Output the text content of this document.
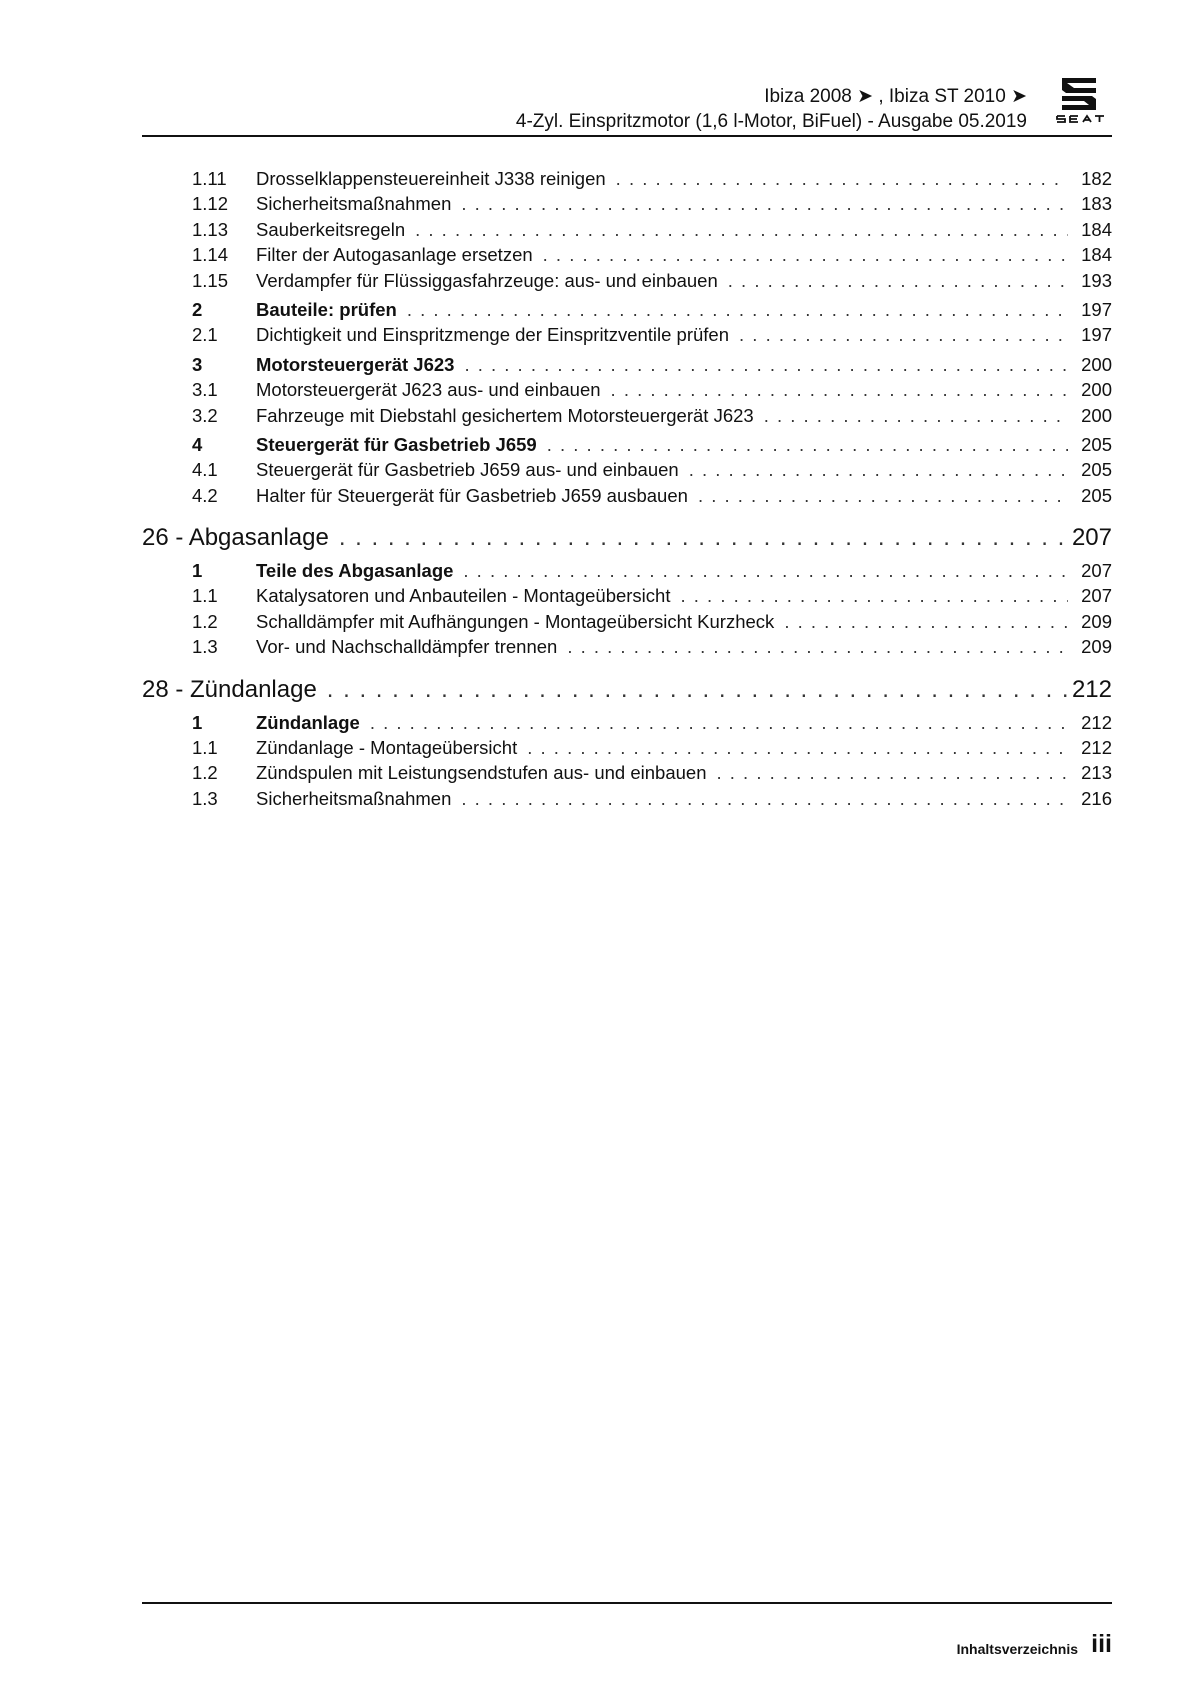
Ibiza 2008 ➤ , Ibiza ST 2010 ➤
4-Zyl. Einspritzmotor (1,6 l-Motor, BiFuel) - Ausgabe 05.2019
1.11	Drosselklappensteuereinheit J338 reinigen . . .	182
1.12	Sicherheitsmaßnahmen . . .	183
1.13	Sauberkeitsregeln . . .	184
1.14	Filter der Autogasanlage ersetzen . . .	184
1.15	Verdampfer für Flüssiggasfahrzeuge: aus- und einbauen . . .	193
2	Bauteile: prüfen . . .	197
2.1	Dichtigkeit und Einspritzmenge der Einspritzventile prüfen . . .	197
3	Motorsteuergerät J623 . . .	200
3.1	Motorsteuergerät J623 aus- und einbauen . . .	200
3.2	Fahrzeuge mit Diebstahl gesichertem Motorsteuergerät J623 . . .	200
4	Steuergerät für Gasbetrieb J659 . . .	205
4.1	Steuergerät für Gasbetrieb J659 aus- und einbauen . . .	205
4.2	Halter für Steuergerät für Gasbetrieb J659 ausbauen . . .	205
26 - Abgasanlage . . .	207
1	Teile des Abgasanlage . . .	207
1.1	Katalysatoren und Anbauteilen - Montageübersicht . . .	207
1.2	Schalldämpfer mit Aufhängungen - Montageübersicht Kurzheck . . .	209
1.3	Vor- und Nachschalldämpfer trennen . . .	209
28 - Zündanlage . . .	212
1	Zündanlage . . .	212
1.1	Zündanlage - Montageübersicht . . .	212
1.2	Zündspulen mit Leistungsendstufen aus- und einbauen . . .	213
1.3	Sicherheitsmaßnahmen . . .	216
Inhaltsverzeichnis iii
